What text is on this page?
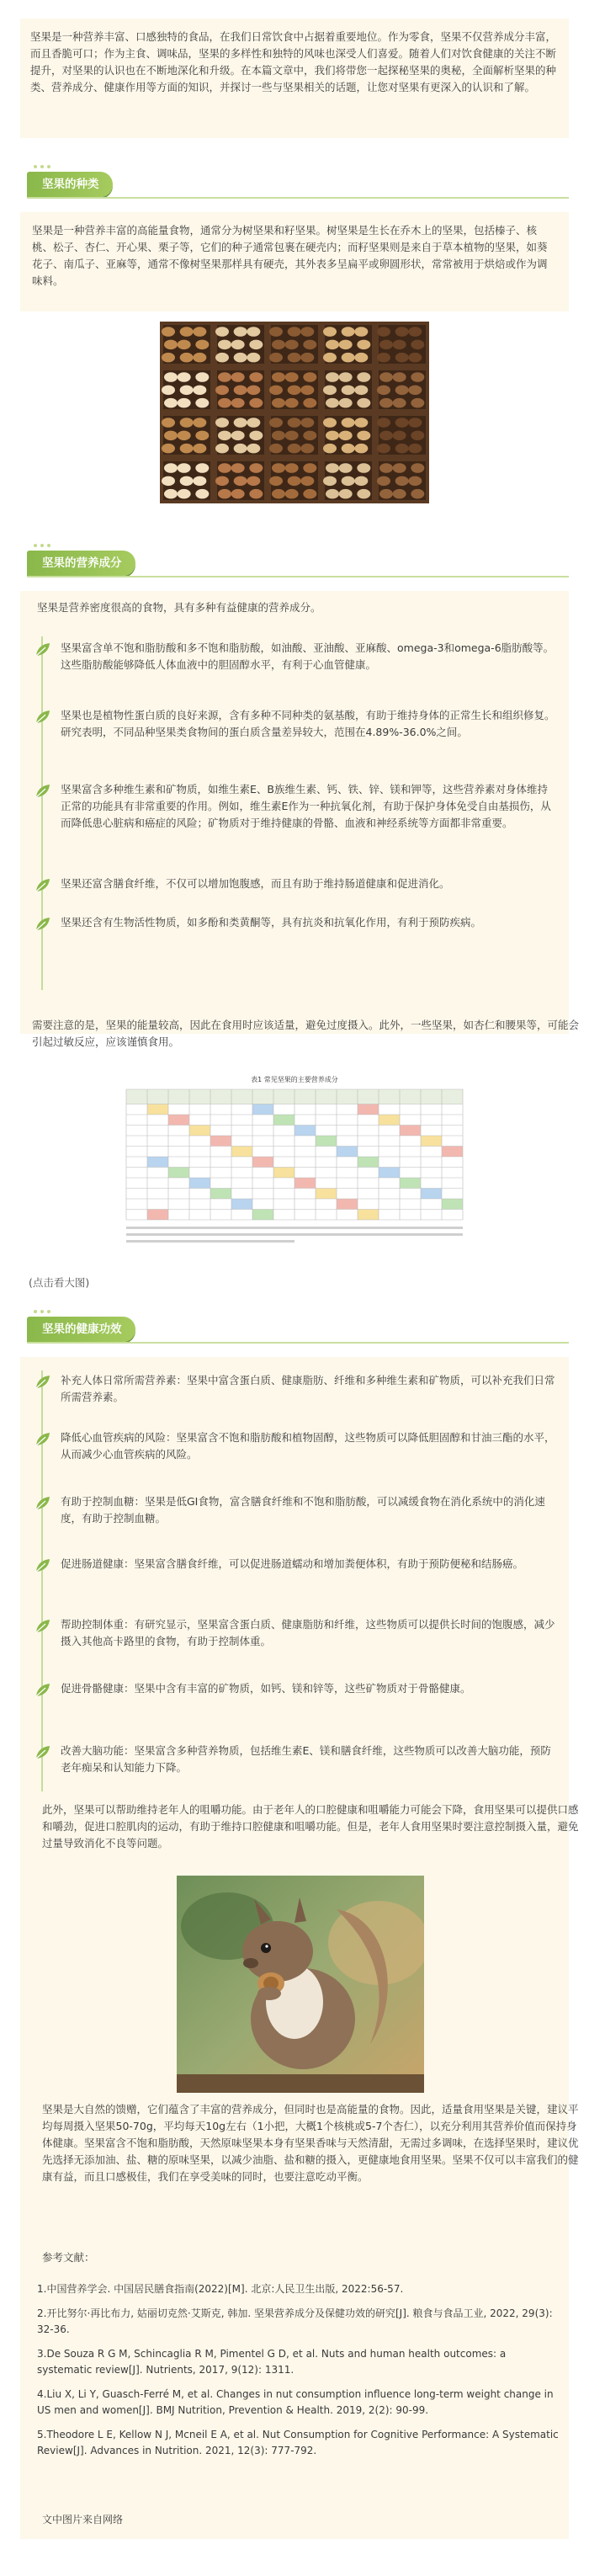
坚果是一种营养丰富、口感独特的食品，在我们日常饮食中占据着重要地位。作为零食，坚果不仅营养成分丰富，而且香脆可口；作为主食、调味品，坚果的多样性和独特的风味也深受人们喜爱。随着人们对饮食健康的关注不断提升，对坚果的认识也在不断地深化和升级。在本篇文章中，我们将带您一起探秘坚果的奥秘，全面解析坚果的种类、营养成分、健康作用等方面的知识，并探讨一些与坚果相关的话题，让您对坚果有更深入的认识和了解。

坚果的种类

坚果是一种营养丰富的高能量食物，通常分为树坚果和籽坚果。树坚果是生长在乔木上的坚果，包括榛子、核桃、松子、杏仁、开心果、栗子等，它们的种子通常包裹在硬壳内；而籽坚果则是来自于草本植物的坚果，如葵花子、南瓜子、亚麻等，通常不像树坚果那样具有硬壳，其外表多呈扁平或卵圆形状，常常被用于烘焙或作为调味料。

坚果的营养成分

坚果是营养密度很高的食物，具有多种有益健康的营养成分。

坚果富含单不饱和脂肪酸和多不饱和脂肪酸，如油酸、亚油酸、亚麻酸、omega-3和omega-6脂肪酸等。这些脂肪酸能够降低人体血液中的胆固醇水平，有利于心血管健康。
坚果也是植物性蛋白质的良好来源，含有多种不同种类的氨基酸，有助于维持身体的正常生长和组织修复。研究表明，不同品种坚果类食物间的蛋白质含量差异较大，范围在4.89%-36.0%之间。
坚果富含多种维生素和矿物质，如维生素E、B族维生素、钙、铁、锌、镁和钾等，这些营养素对身体维持正常的功能具有非常重要的作用。例如，维生素E作为一种抗氧化剂，有助于保护身体免受自由基损伤，从而降低患心脏病和癌症的风险；矿物质对于维持健康的骨骼、血液和神经系统等方面都非常重要。
坚果还富含膳食纤维，不仅可以增加饱腹感，而且有助于维持肠道健康和促进消化。
坚果还含有生物活性物质，如多酚和类黄酮等，具有抗炎和抗氧化作用，有利于预防疾病。

需要注意的是，坚果的能量较高，因此在食用时应该适量，避免过度摄入。此外，一些坚果，如杏仁和腰果等，可能会引起过敏反应，应该谨慎食用。

表1 常见坚果的主要营养成分

(点击看大图)

坚果的健康功效
补充人体日常所需营养素：坚果中富含蛋白质、健康脂肪、纤维和多种维生素和矿物质，可以补充我们日常所需营养素。
降低心血管疾病的风险：坚果富含不饱和脂肪酸和植物固醇，这些物质可以降低胆固醇和甘油三酯的水平，从而减少心血管疾病的风险。
有助于控制血糖：坚果是低GI食物，富含膳食纤维和不饱和脂肪酸，可以减缓食物在消化系统中的消化速度，有助于控制血糖。
促进肠道健康：坚果富含膳食纤维，可以促进肠道蠕动和增加粪便体积，有助于预防便秘和结肠癌。
帮助控制体重：有研究显示，坚果富含蛋白质、健康脂肪和纤维，这些物质可以提供长时间的饱腹感，减少摄入其他高卡路里的食物，有助于控制体重。
促进骨骼健康：坚果中含有丰富的矿物质，如钙、镁和锌等，这些矿物质对于骨骼健康。
改善大脑功能：坚果富含多种营养物质，包括维生素E、镁和膳食纤维，这些物质可以改善大脑功能，预防老年痴呆和认知能力下降。

此外，坚果可以帮助维持老年人的咀嚼功能。由于老年人的口腔健康和咀嚼能力可能会下降，食用坚果可以提供口感和嚼劲，促进口腔肌肉的运动，有助于维持口腔健康和咀嚼功能。但是，老年人食用坚果时要注意控制摄入量，避免过量导致消化不良等问题。

坚果是大自然的馈赠，它们蕴含了丰富的营养成分，但同时也是高能量的食物。因此，适量食用坚果是关键，建议平均每周摄入坚果50-70g，平均每天10g左右（1小把，大概1个核桃或5-7个杏仁），以充分利用其营养价值而保持身体健康。坚果富含不饱和脂肪酸，天然原味坚果本身有坚果香味与天然清甜，无需过多调味，在选择坚果时，建议优先选择无添加油、盐、糖的原味坚果，以减少油脂、盐和糖的摄入，更健康地食用坚果。坚果不仅可以丰富我们的健康有益，而且口感极佳，我们在享受美味的同时，也要注意吃动平衡。

参考文献：

1.中国营养学会. 中国居民膳食指南(2022)[M]. 北京:人民卫生出版, 2022:56-57.

2.开比努尔·再比布力, 姑丽切克然·艾斯克, 韩加. 坚果营养成分及保健功效的研究[J]. 粮食与食品工业, 2022, 29(3): 32-36.

3.De Souza R G M, Schincaglia R M, Pimentel G D, et al. Nuts and human health outcomes: a systematic review[J]. Nutrients, 2017, 9(12): 1311.

4.Liu X, Li Y, Guasch-Ferré M, et al. Changes in nut consumption influence long-term weight change in US men and women[J]. BMJ Nutrition, Prevention & Health. 2019, 2(2): 90-99.

5.Theodore L E, Kellow N J, Mcneil E A, et al. Nut Consumption for Cognitive Performance: A Systematic Review[J]. Advances in Nutrition. 2021, 12(3): 777-792.

文中图片来自网络
